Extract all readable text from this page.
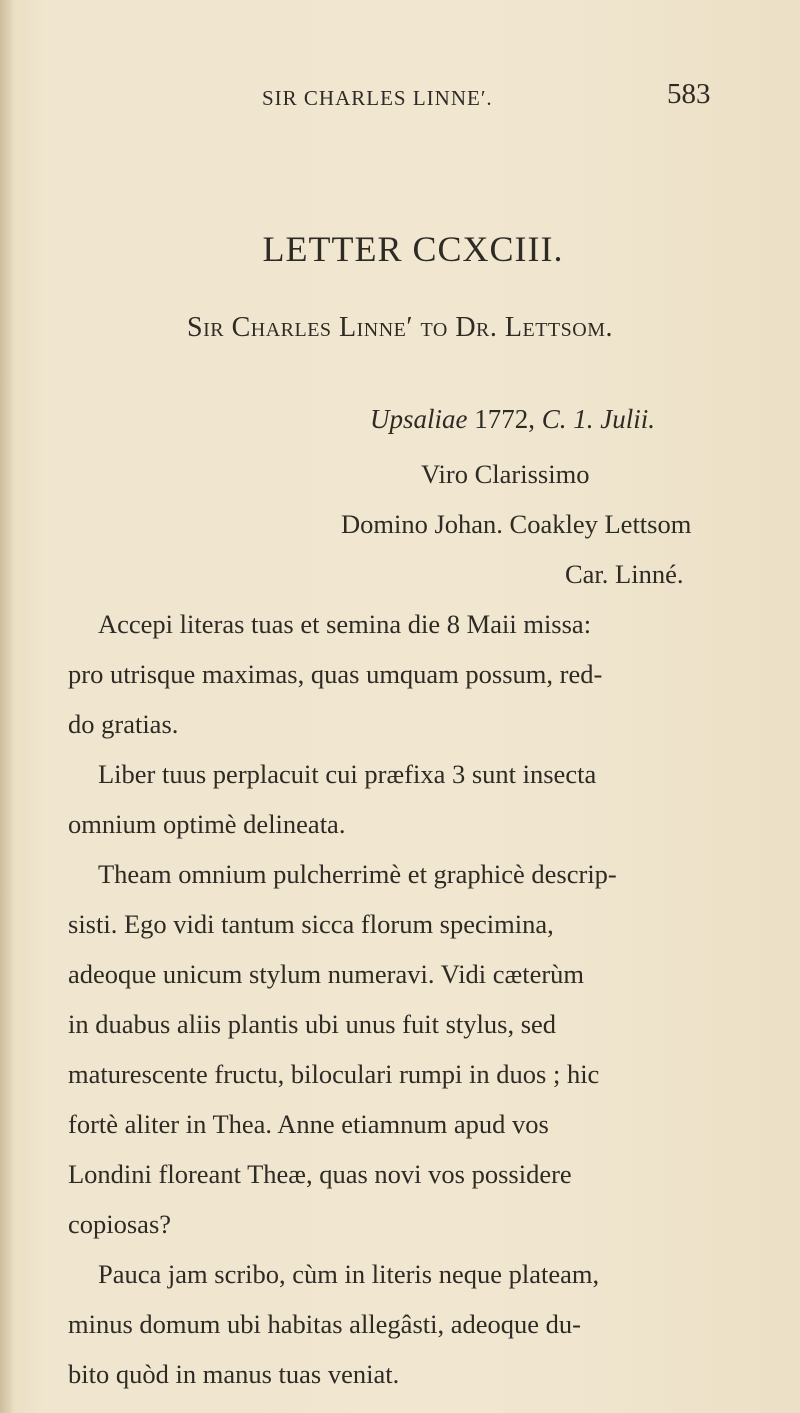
SIR CHARLES LINNE′.	583
LETTER CCXCIII.
Sir Charles Linne′ to Dr. Lettsom.
Upsaliae 1772, C. 1. Julii.
Viro Clarissimo
Domino Johan. Coakley Lettsom
Car. Linné.
Accepi literas tuas et semina die 8 Maii missa:
pro utrisque maximas, quas umquam possum, red-
do gratias.
Liber tuus perplacuit cui præfixa 3 sunt insecta
omnium optimè delineata.
Theam omnium pulcherrimè et graphicè descrip-
sisti. Ego vidi tantum sicca florum specimina,
adeoque unicum stylum numeravi. Vidi cæterùm
in duabus aliis plantis ubi unus fuit stylus, sed
maturescente fructu, biloculari rumpi in duos ; hic
fortè aliter in Thea. Anne etiamnum apud vos
Londini floreant Theæ, quas novi vos possidere
copiosas?
Pauca jam scribo, cùm in literis neque plateam,
minus domum ubi habitas allegâsti, adeoque du-
bito quòd in manus tuas veniat.
